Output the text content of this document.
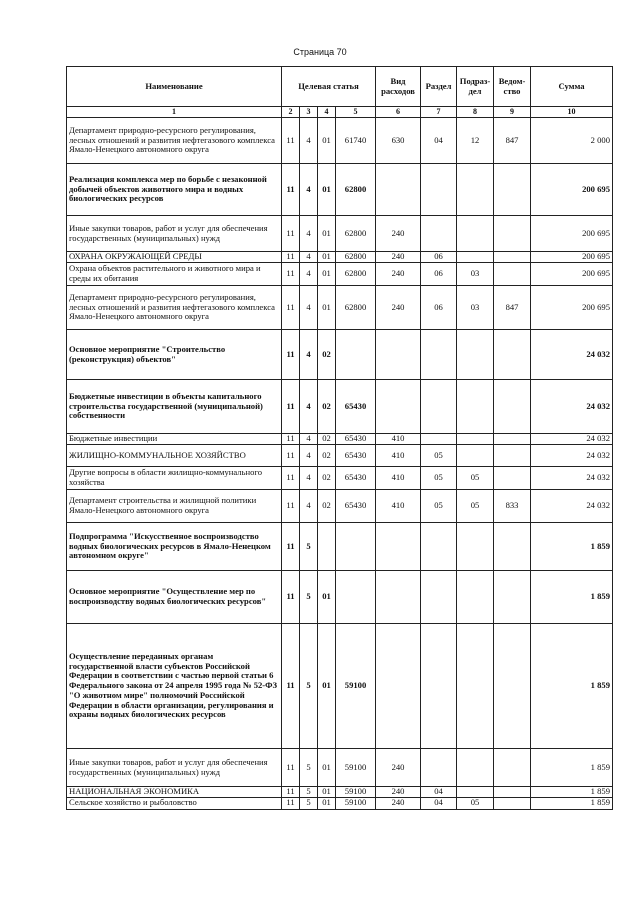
Страница 70
Наименование	Целевая статья				Вид расходов	Раздел	Подраз-дел	Ведом-ство	Сумма
1	2	3	4	5	6	7	8	9	10
Департамент природно-ресурсного регулирования, лесных отношений и развития нефтегазового комплекса Ямало-Ненецкого автономного округа	11	4	01	61740	630	04	12	847	2 000
Реализация комплекса мер по борьбе с незаконной добычей объектов животного мира и водных биологических ресурсов	11	4	01	62800					200 695
Иные закупки товаров, работ и услуг для обеспечения государственных (муниципальных) нужд	11	4	01	62800	240				200 695
ОХРАНА ОКРУЖАЮЩЕЙ СРЕДЫ	11	4	01	62800	240	06			200 695
Охрана объектов растительного и животного мира и среды их обитания	11	4	01	62800	240	06	03		200 695
Департамент природно-ресурсного регулирования, лесных отношений и развития нефтегазового комплекса Ямало-Ненецкого автономного округа	11	4	01	62800	240	06	03	847	200 695
Основное мероприятие "Строительство (реконструкция) объектов"	11	4	02						24 032
Бюджетные инвестиции в объекты капитального строительства государственной (муниципальной) собственности	11	4	02	65430					24 032
Бюджетные инвестиции	11	4	02	65430	410				24 032
ЖИЛИЩНО-КОММУНАЛЬНОЕ ХОЗЯЙСТВО	11	4	02	65430	410	05			24 032
Другие вопросы в области жилищно-коммунального хозяйства	11	4	02	65430	410	05	05		24 032
Департамент строительства и жилищной политики Ямало-Ненецкого автономного округа	11	4	02	65430	410	05	05	833	24 032
Подпрограмма "Искусственное воспроизводство водных биологических ресурсов в Ямало-Ненецком автономном округе"	11	5							1 859
Основное мероприятие "Осуществление мер по воспроизводству водных биологических ресурсов"	11	5	01						1 859
Осуществление переданных органам государственной власти субъектов Российской Федерации в соответствии с частью первой статьи 6 Федерального закона от 24 апреля 1995 года № 52-ФЗ "О животном мире" полномочий Российской Федерации в области организации, регулирования и охраны водных биологических ресурсов	11	5	01	59100					1 859
Иные закупки товаров, работ и услуг для обеспечения государственных (муниципальных) нужд	11	5	01	59100	240				1 859
НАЦИОНАЛЬНАЯ ЭКОНОМИКА	11	5	01	59100	240	04			1 859
Сельское хозяйство и рыболовство	11	5	01	59100	240	04	05		1 859
